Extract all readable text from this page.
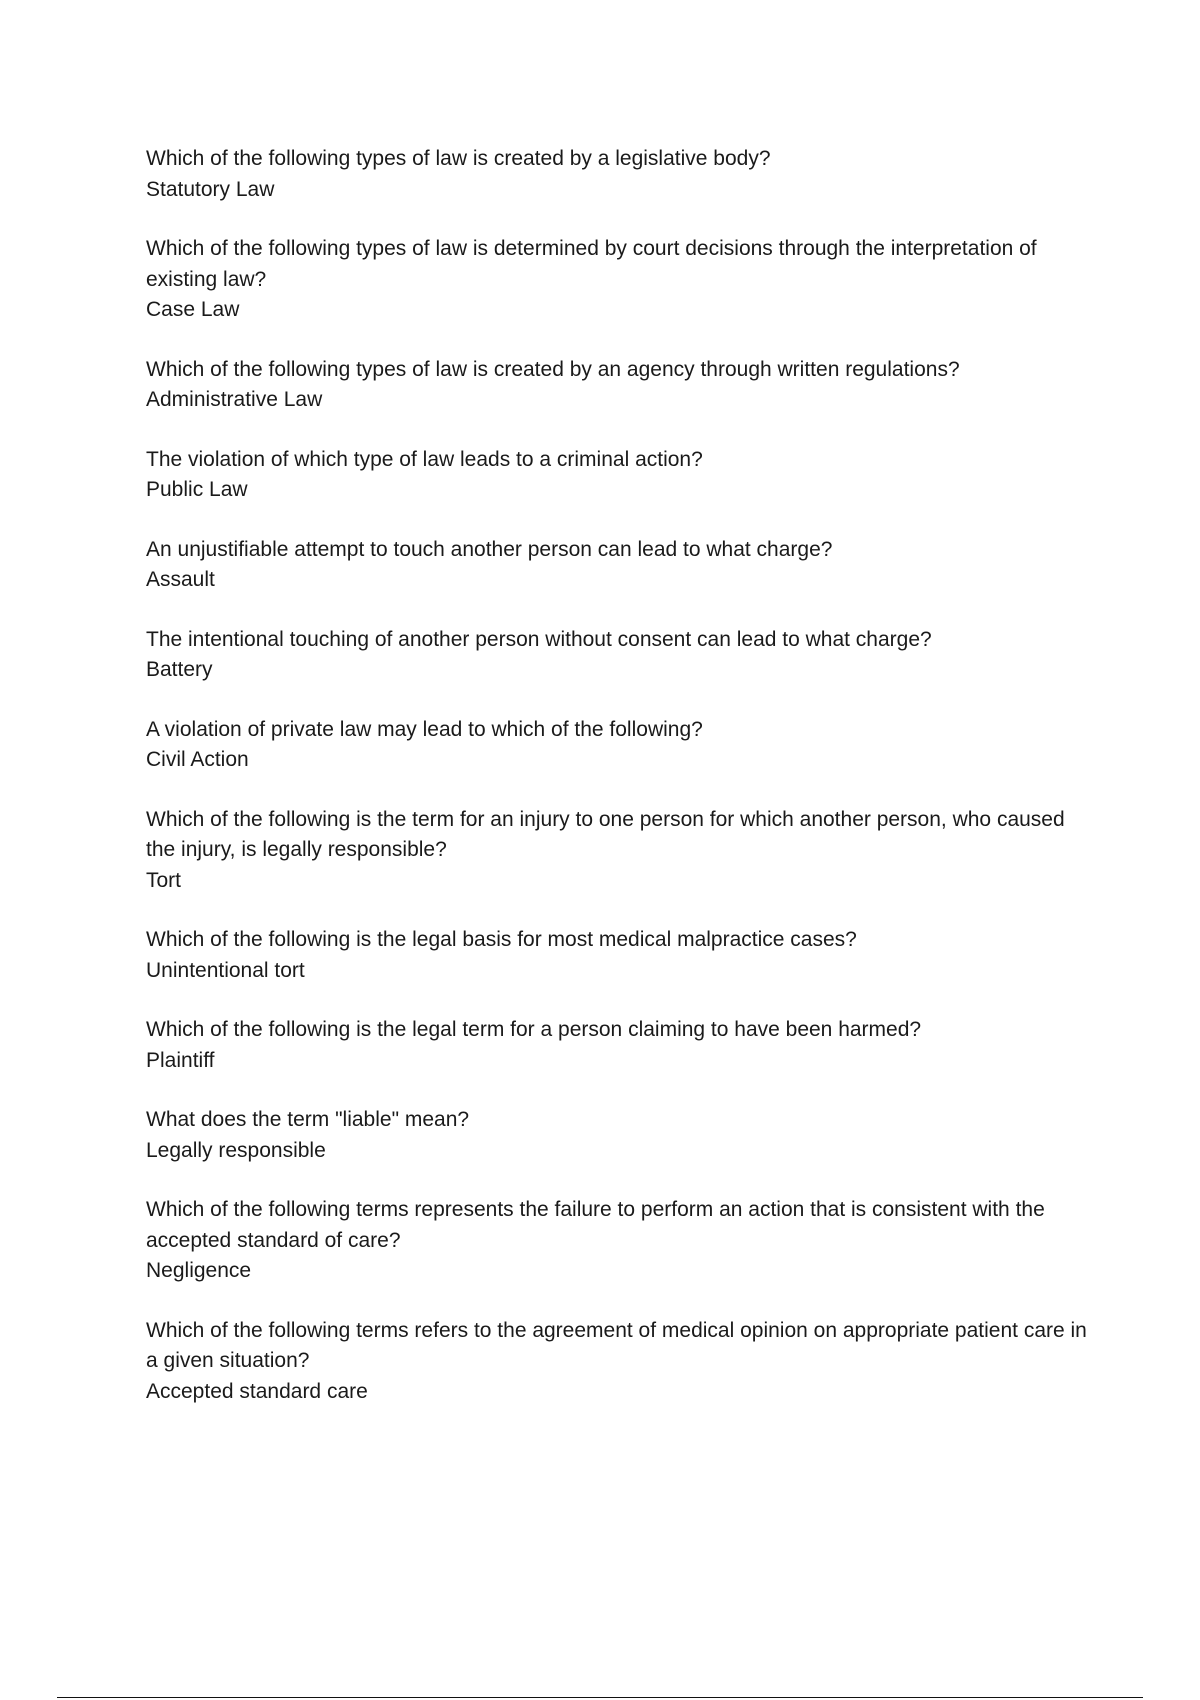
Which of the following types of law is created by a legislative body?
Statutory Law
Which of the following types of law is determined by court decisions through the interpretation of existing law?
Case Law
Which of the following types of law is created by an agency through written regulations?
Administrative Law
The violation of which type of law leads to a criminal action?
Public Law
An unjustifiable attempt to touch another person can lead to what charge?
Assault
The intentional touching of another person without consent can lead to what charge?
Battery
A violation of private law may lead to which of the following?
Civil Action
Which of the following is the term for an injury to one person for which another person, who caused the injury, is legally responsible?
Tort
Which of the following is the legal basis for most medical malpractice cases?
Unintentional tort
Which of the following is the legal term for a person claiming to have been harmed?
Plaintiff
What does the term "liable" mean?
Legally responsible
Which of the following terms represents the failure to perform an action that is consistent with the accepted standard of care?
Negligence
Which of the following terms refers to the agreement of medical opinion on appropriate patient care in a given situation?
Accepted standard care
